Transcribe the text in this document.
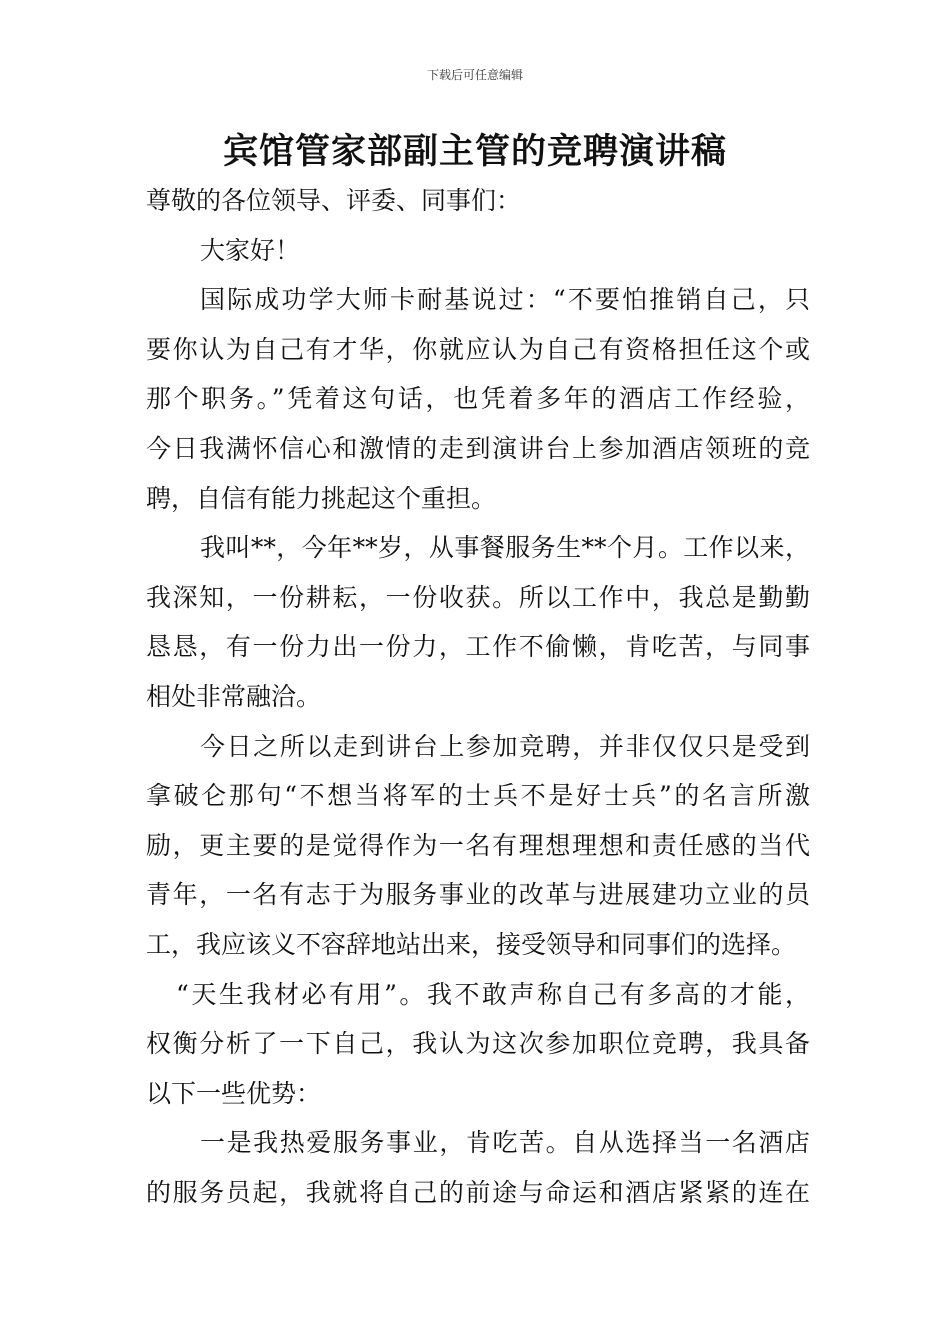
下载后可任意编辑
宾馆管家部副主管的竞聘演讲稿
尊敬的各位领导、评委、同事们：
大家好！
国际成功学大师卡耐基说过：“不要怕推销自己，只
要你认为自己有才华，你就应认为自己有资格担任这个或
那个职务。”凭着这句话，也凭着多年的酒店工作经验，
今日我满怀信心和激情的走到演讲台上参加酒店领班的竞
聘，自信有能力挑起这个重担。
我叫**，今年**岁，从事餐服务生**个月。工作以来，
我深知，一份耕耘，一份收获。所以工作中，我总是勤勤
恳恳，有一份力出一份力，工作不偷懒，肯吃苦，与同事
相处非常融洽。
今日之所以走到讲台上参加竞聘，并非仅仅只是受到
拿破仑那句“不想当将军的士兵不是好士兵”的名言所激
励，更主要的是觉得作为一名有理想理想和责任感的当代
青年，一名有志于为服务事业的改革与进展建功立业的员
工，我应该义不容辞地站出来，接受领导和同事们的选择。
“天生我材必有用”。我不敢声称自己有多高的才能，
权衡分析了一下自己，我认为这次参加职位竞聘，我具备
以下一些优势：
一是我热爱服务事业，肯吃苦。自从选择当一名酒店
的服务员起，我就将自己的前途与命运和酒店紧紧的连在
